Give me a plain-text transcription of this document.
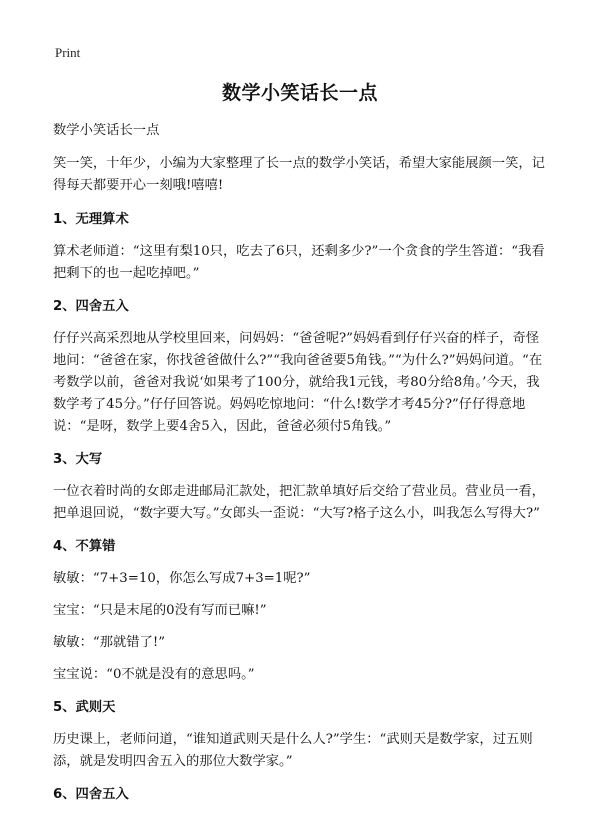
Print
数学小笑话长一点

数学小笑话长一点

笑一笑，十年少，小编为大家整理了长一点的数学小笑话，希望大家能展颜一笑，记得每天都要开心一刻哦!嘻嘻!

1、无理算术

算术老师道：“这里有梨10只，吃去了6只，还剩多少?”一个贪食的学生答道：“我看把剩下的也一起吃掉吧。”

2、四舍五入

仔仔兴高采烈地从学校里回来，问妈妈：“爸爸呢?”妈妈看到仔仔兴奋的样子，奇怪地问：“爸爸在家，你找爸爸做什么?”“我向爸爸要5角钱。”“为什么?”妈妈问道。“在考数学以前，爸爸对我说‘如果考了100分，就给我1元钱，考80分给8角。’今天，我数学考了45分。”仔仔回答说。妈妈吃惊地问：“什么!数学才考45分?”仔仔得意地说：“是呀，数学上要4舍5入，因此，爸爸必须付5角钱。”

3、大写

一位衣着时尚的女郎走进邮局汇款处，把汇款单填好后交给了营业员。营业员一看，把单退回说，“数字要大写。”女郎头一歪说：“大写?格子这么小，叫我怎么写得大?”

4、不算错

敏敏：“7+3=10，你怎么写成7+3=1呢?”

宝宝：“只是末尾的0没有写而已嘛!”

敏敏：“那就错了!”

宝宝说：“0不就是没有的意思吗。”

5、武则天

历史课上，老师问道，“谁知道武则天是什么人?”学生：“武则天是数学家，过五则添，就是发明四舍五入的那位大数学家。”

6、四舍五入
